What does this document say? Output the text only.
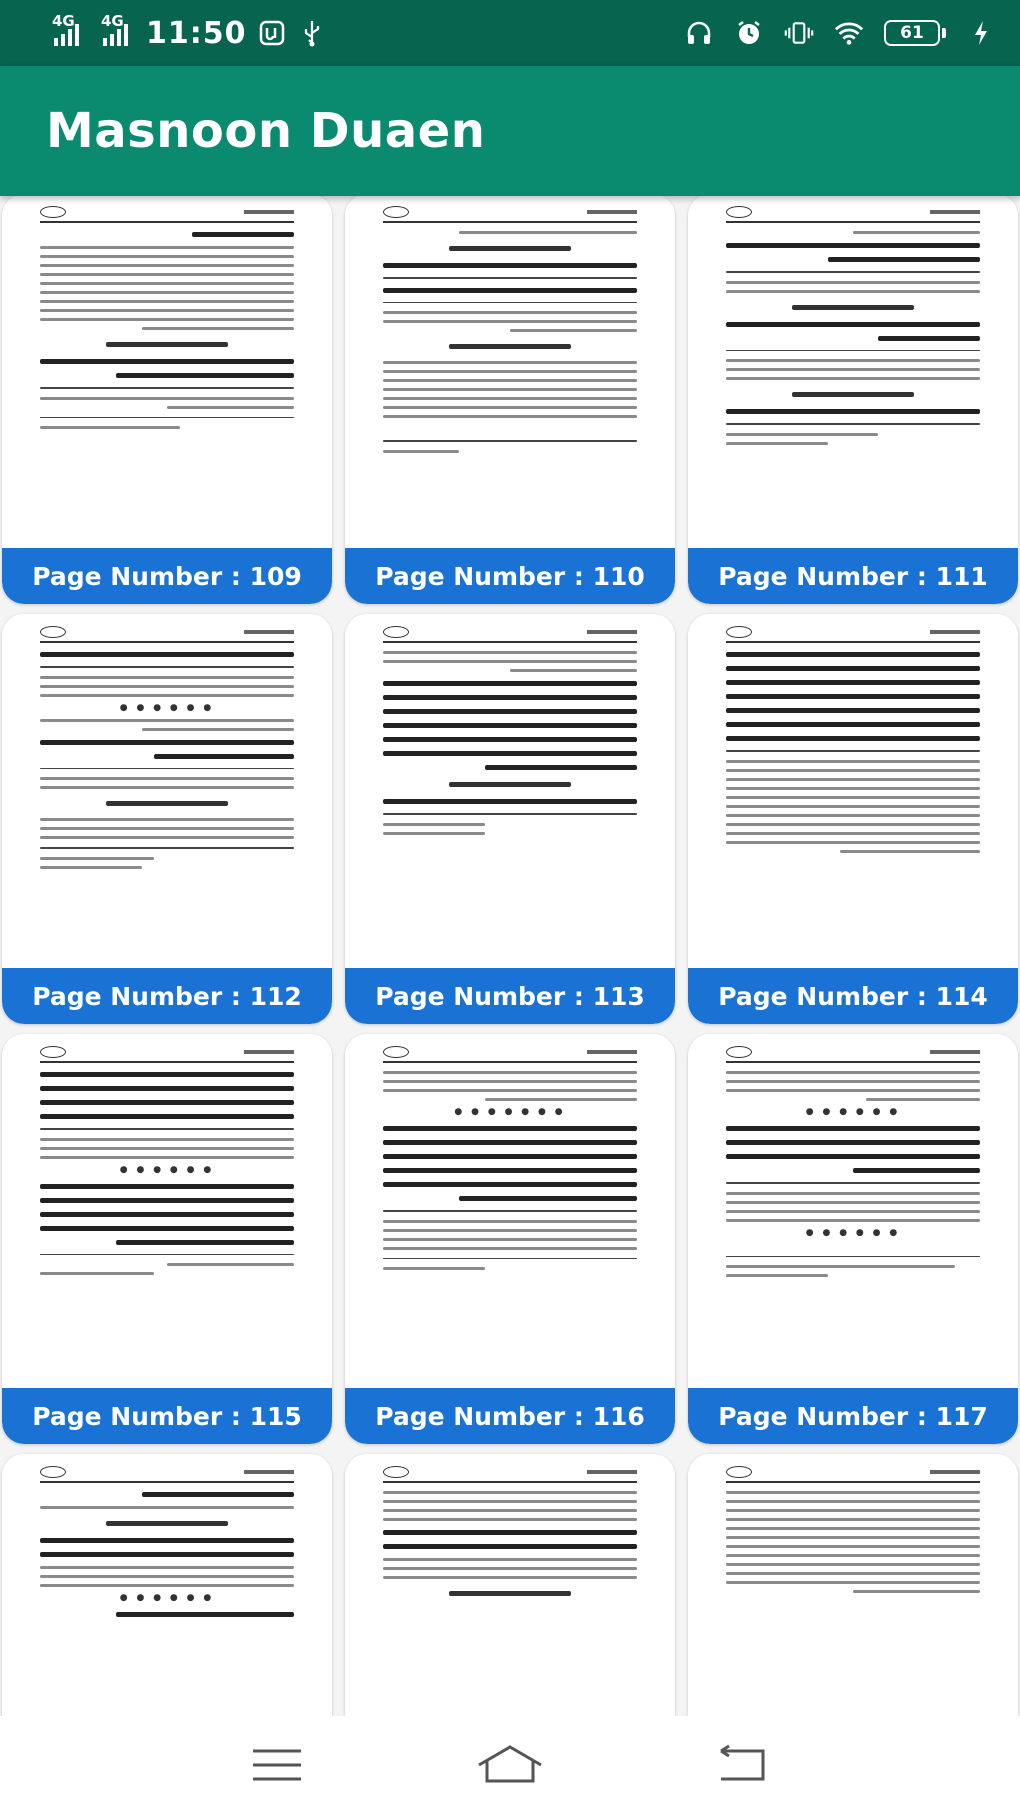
4G 4G 11:50	61
Masnoon Duaen
Page Number : 109	Page Number : 110	Page Number : 111
● ● ● ● ● ●
Page Number : 112	Page Number : 113	Page Number : 114
● ● ● ● ● ●
Page Number : 115
● ● ● ● ● ● ●
Page Number : 116
● ● ● ● ● ●
● ● ● ● ● ●
Page Number : 117
● ● ● ● ● ●
